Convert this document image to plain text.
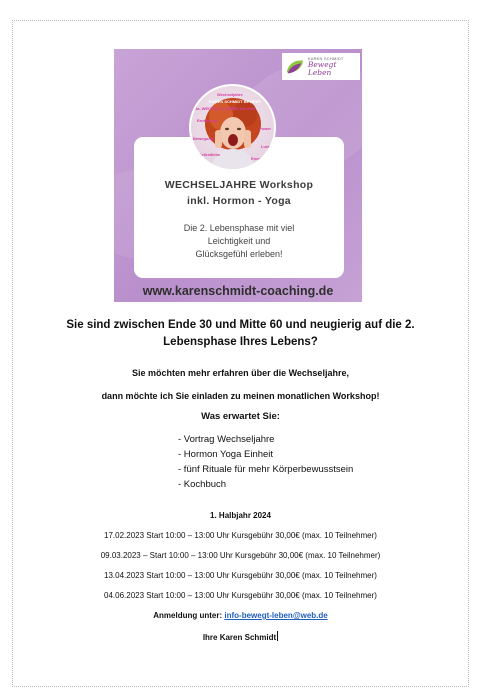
KAREN SCHMIDT
Bewegt Leben
WECHSELJAHRE Workshop
inkl. Hormon - Yoga
Die 2. Lebensphase mit viel
Leichtigkeit und
Glücksgefühl erleben!
Wechseljahre
KAREN SCHMIDT BEWEGT
Ja, WECHSEL (JAHRE) NA UND
Ernährung
Bewegung
Power
Selbstliebe
Lust
Energie
www.karenschmidt-coaching.de
Sie sind zwischen Ende 30 und Mitte 60 und neugierig auf die 2.
Lebensphase Ihres Lebens?
Sie möchten mehr erfahren über die Wechseljahre,
dann möchte ich Sie einladen zu meinen monatlichen Workshop!
Was erwartet Sie:
- Vortrag Wechseljahre
- Hormon Yoga Einheit
- fünf Rituale für mehr Körperbewusstsein
- Kochbuch
1. Halbjahr 2024
17.02.2023 Start 10:00 – 13:00 Uhr Kursgebühr 30,00€ (max. 10 Teilnehmer)
09.03.2023 – Start 10:00 – 13:00 Uhr Kursgebühr 30,00€ (max. 10 Teilnehmer)
13.04.2023 Start 10:00 – 13:00 Uhr Kursgebühr 30,00€ (max. 10 Teilnehmer)
04.06.2023 Start 10:00 – 13:00 Uhr Kursgebühr 30,00€ (max. 10 Teilnehmer)
Anmeldung unter: info-bewegt-leben@web.de
Ihre Karen Schmidt
